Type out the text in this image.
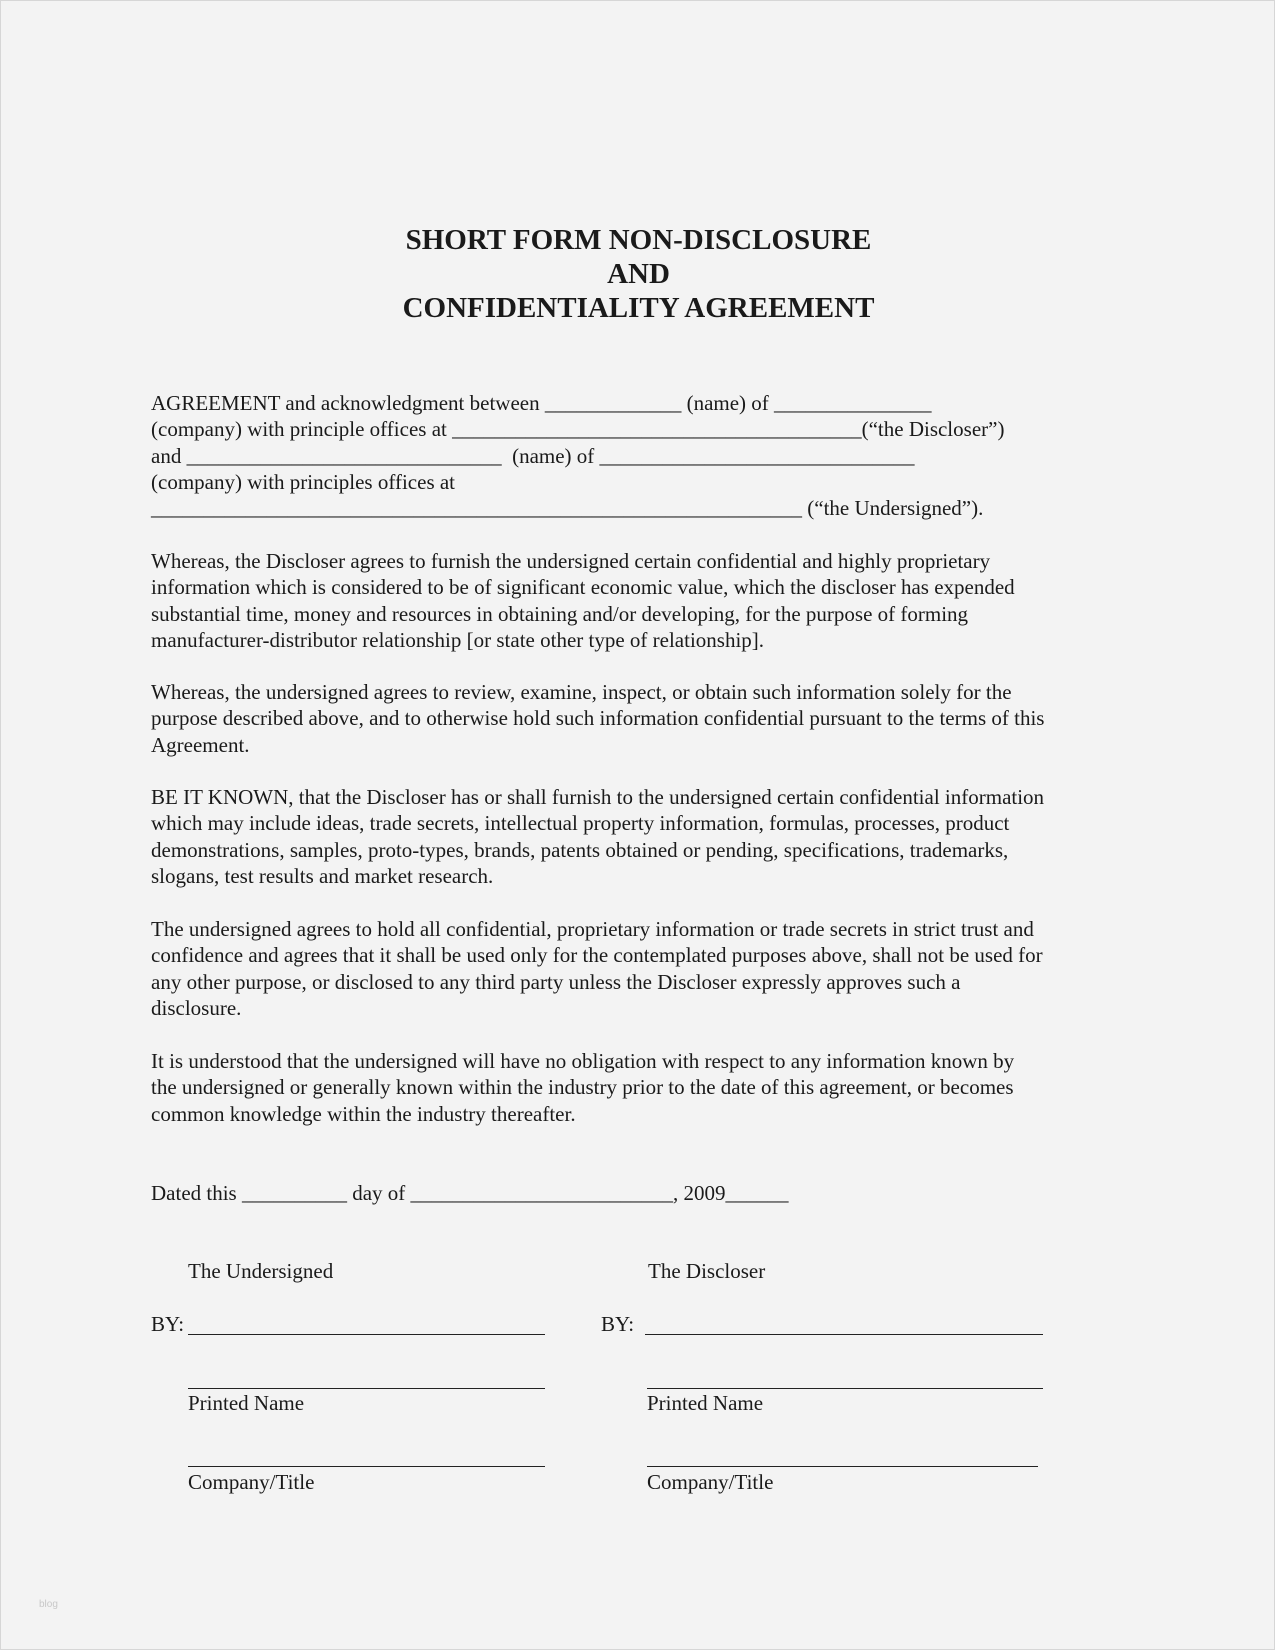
SHORT FORM NON-DISCLOSURE
AND
CONFIDENTIALITY AGREEMENT
AGREEMENT and acknowledgment between _____________ (name) of _______________
(company) with principle offices at _______________________________________(“the Discloser”)
and ______________________________  (name) of ______________________________
(company) with principles offices at
______________________________________________________________ (“the Undersigned”).
Whereas, the Discloser agrees to furnish the undersigned certain confidential and highly proprietary
information which is considered to be of significant economic value, which the discloser has expended
substantial time, money and resources in obtaining and/or developing, for the purpose of forming
manufacturer-distributor relationship [or state other type of relationship].
Whereas, the undersigned agrees to review, examine, inspect, or obtain such information solely for the
purpose described above, and to otherwise hold such information confidential pursuant to the terms of this
Agreement.
BE IT KNOWN, that the Discloser has or shall furnish to the undersigned certain confidential information
which may include ideas, trade secrets, intellectual property information, formulas, processes, product
demonstrations, samples, proto-types, brands, patents obtained or pending, specifications, trademarks,
slogans, test results and market research.
The undersigned agrees to hold all confidential, proprietary information or trade secrets in strict trust and
confidence and agrees that it shall be used only for the contemplated purposes above, shall not be used for
any other purpose, or disclosed to any third party unless the Discloser expressly approves such a
disclosure.
It is understood that the undersigned will have no obligation with respect to any information known by
the undersigned or generally known within the industry prior to the date of this agreement, or becomes
common knowledge within the industry thereafter.
Dated this __________ day of _________________________, 2009______
The Undersigned
BY:
Printed Name
Company/Title
The Discloser
BY:
Printed Name
Company/Title
blog
